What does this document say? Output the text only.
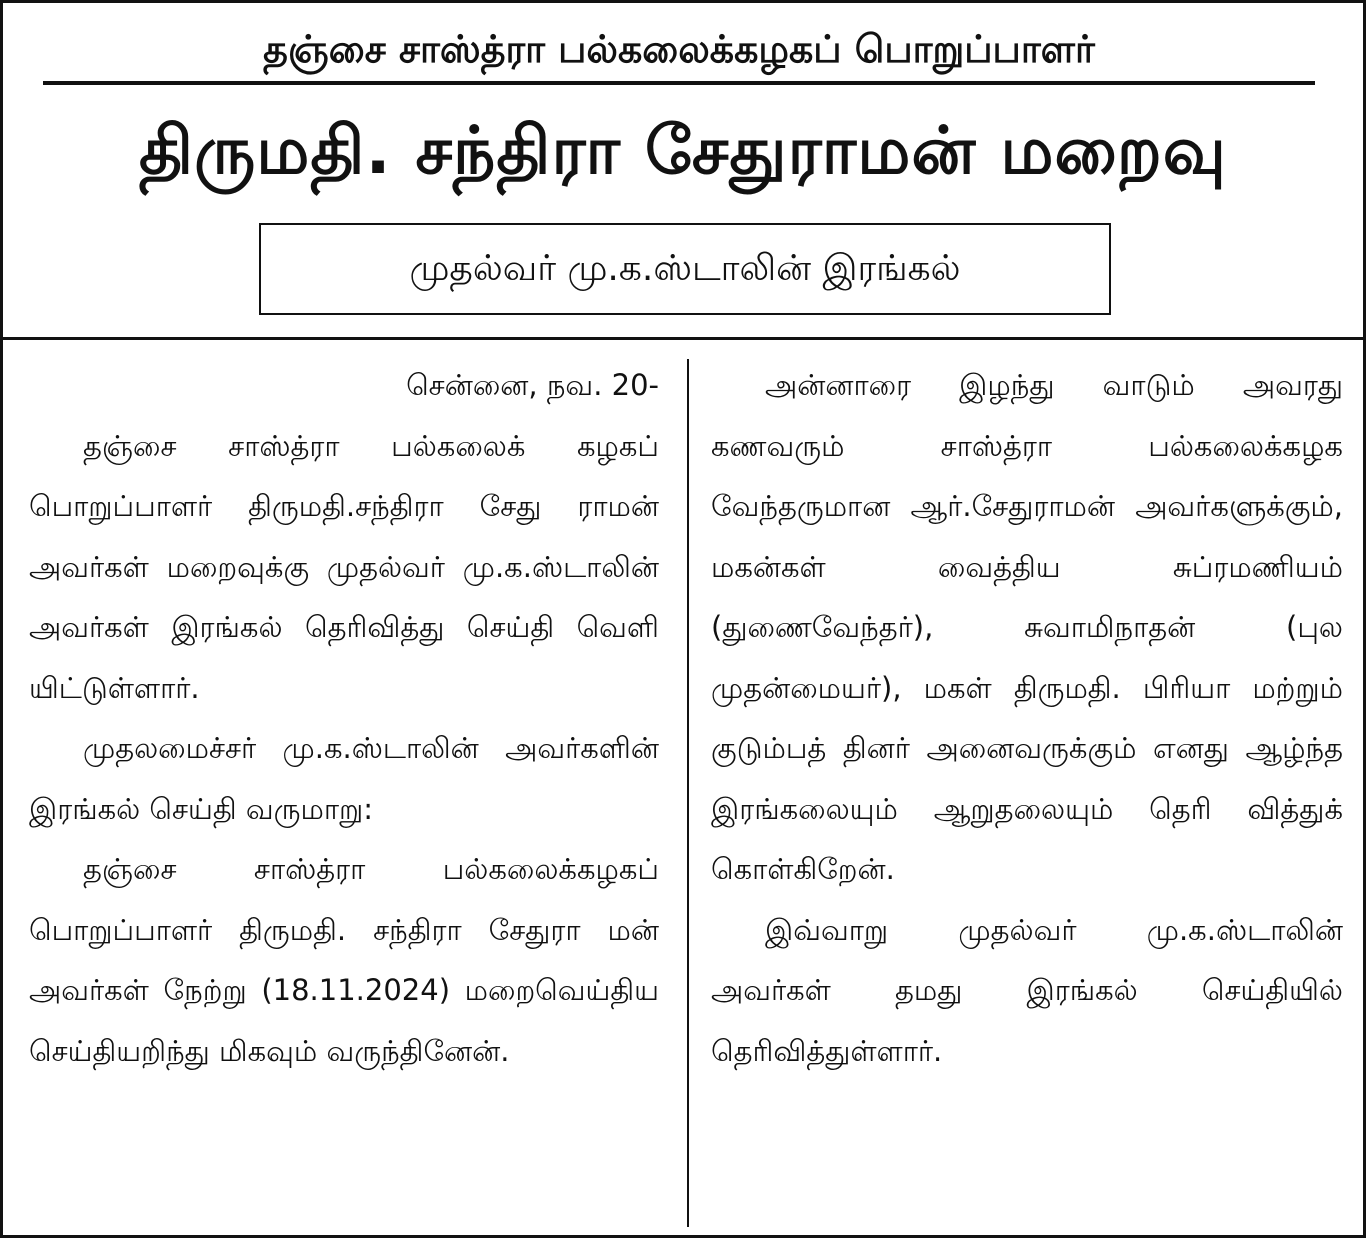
தஞ்சை சாஸ்த்ரா பல்கலைக்கழகப் பொறுப்பாளர்
திருமதி. சந்திரா சேதுராமன் மறைவு
முதல்வர் மு.க.ஸ்டாலின் இரங்கல்

சென்னை, நவ. 20-

தஞ்சை சாஸ்த்ரா பல்கலைக் கழகப் பொறுப்பாளர் திருமதி.சந்திரா சேது ராமன் அவர்கள் மறைவுக்கு முதல்வர் மு.க.ஸ்டாலின் அவர்கள் இரங்கல் தெரிவித்து செய்தி வெளி யிட்டுள்ளார்.

முதலமைச்சர் மு.க.ஸ்டாலின் அவர்களின் இரங்கல் செய்தி வருமாறு:

தஞ்சை சாஸ்த்ரா பல்கலைக்கழகப் பொறுப்பாளர் திருமதி. சந்திரா சேதுரா மன் அவர்கள் நேற்று (18.11.2024) மறைவெய்திய செய்தியறிந்து மிகவும் வருந்தினேன்.

அன்னாரை இழந்து வாடும் அவரது கணவரும் சாஸ்த்ரா பல்கலைக்கழக வேந்தருமான ஆர்.சேதுராமன் அவர்களுக்கும், மகன்கள் வைத்திய சுப்ரமணியம் (துணைவேந்தர்), சுவாமிநாதன் (புல முதன்மையர்), மகள் திருமதி. பிரியா மற்றும் குடும்பத் தினர் அனைவருக்கும் எனது ஆழ்ந்த இரங்கலையும் ஆறுதலையும் தெரி வித்துக் கொள்கிறேன்.

இவ்வாறு முதல்வர் மு.க.ஸ்டாலின் அவர்கள் தமது இரங்கல் செய்தியில் தெரிவித்துள்ளார்.
